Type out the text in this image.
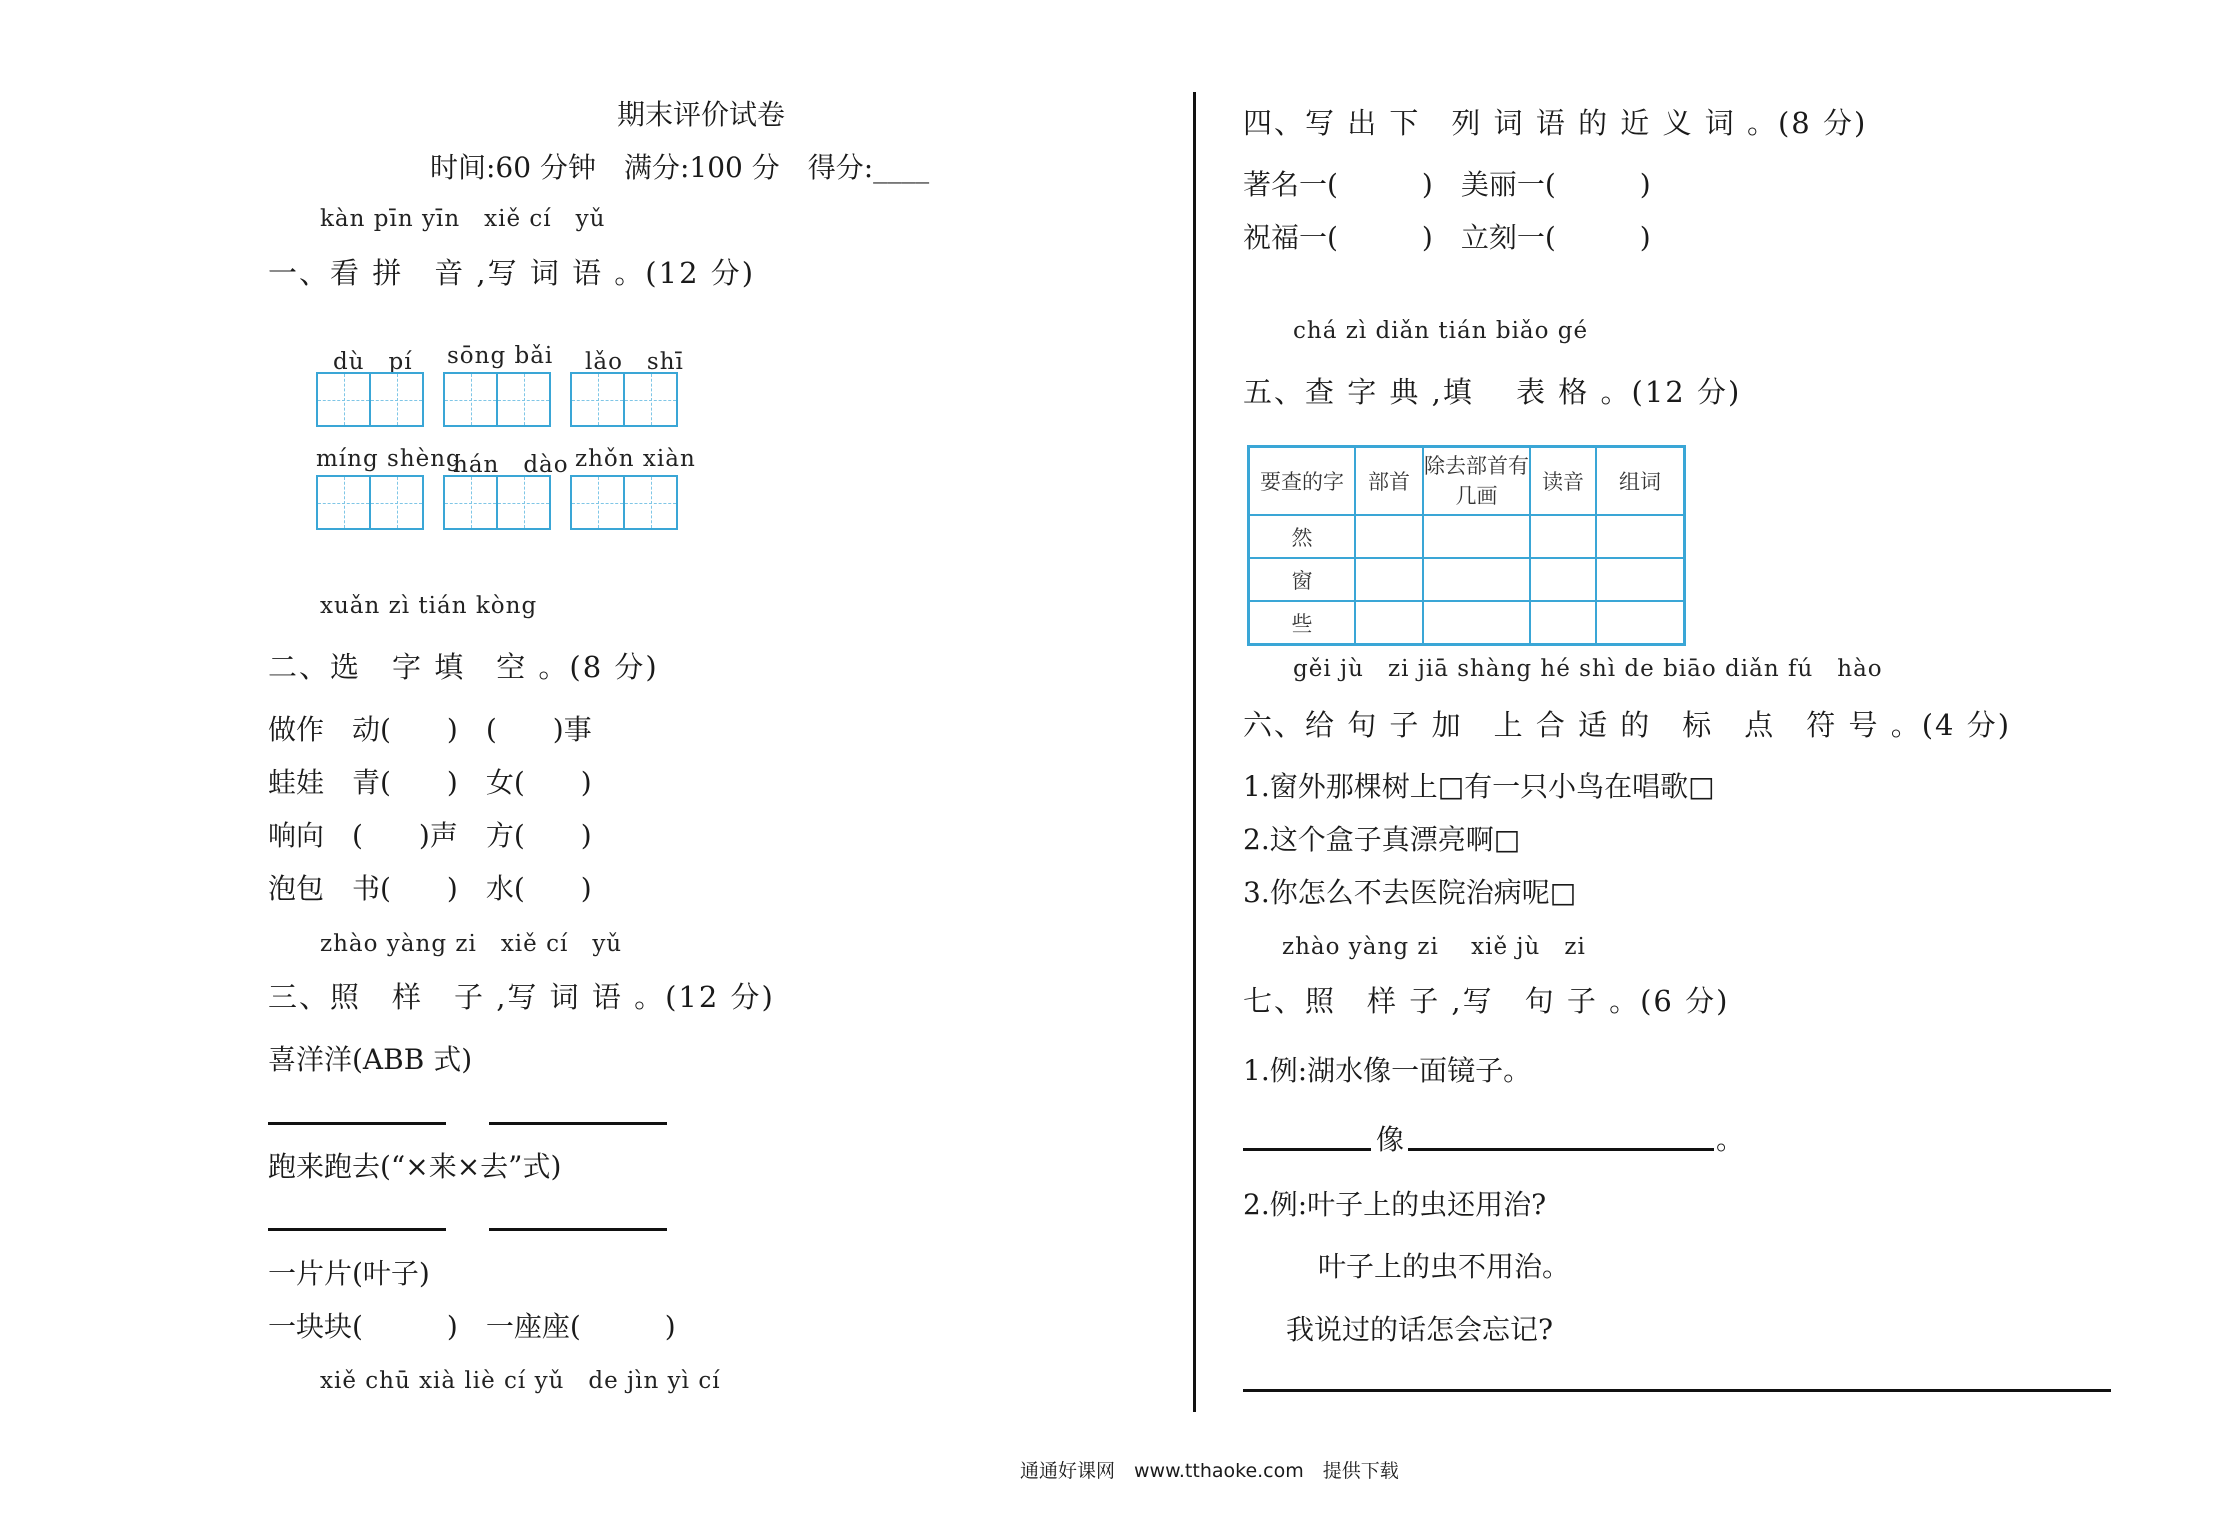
期末评价试卷
时间:60 分钟　满分:100 分　得分:____
kàn pīn yīn　xiě cí　yǔ
一、看 拼　音 ,写 词 语 。(12 分)
dù　pí sōng bǎi lǎo　shī
míng shèng
nán　dào zhǒn xiàn
xuǎn zì tián kòng
二、选　字 填　空 。(8 分)
做作　动(　　)　(　　)事
蛙娃　青(　　)　女(　　)
响向　(　　)声　方(　　)
泡包　书(　　)　水(　　)
zhào yàng zi　xiě cí　yǔ
三、照　样　子 ,写 词 语 。(12 分)
喜洋洋(ABB 式)
跑来跑去(“×来×去”式)
一片片(叶子)
一块块(　　　)　一座座(　　　)
xiě chū xià liè cí yǔ　de jìn yì cí
四、写 出 下　列 词 语 的 近 义 词 。(8 分)
著名一(　　　)　美丽一(　　　)
祝福一(　　　)　立刻一(　　　)
chá zì diǎn tián biǎo gé
五、查 字 典 ,填　 表 格 。(12 分)
要查的字	部首	除去部首有几画	读音	组词
然				
窗				
些				
gěi jù　zi jiā shàng hé shì de biāo diǎn fú　hào
六、给 句 子 加　上 合 适 的　标　点　符 号 。(4 分)
1.窗外那棵树上□有一只小鸟在唱歌□
2.这个盒子真漂亮啊□
3.你怎么不去医院治病呢□
zhào yàng zi　 xiě jù　zi
七、照　样 子 ,写　句 子 。(6 分)
1.例:湖水像一面镜子。
像	。
2.例:叶子上的虫还用治?
叶子上的虫不用治。
我说过的话怎会忘记?
通通好课网　www.tthaoke.com　提供下载
